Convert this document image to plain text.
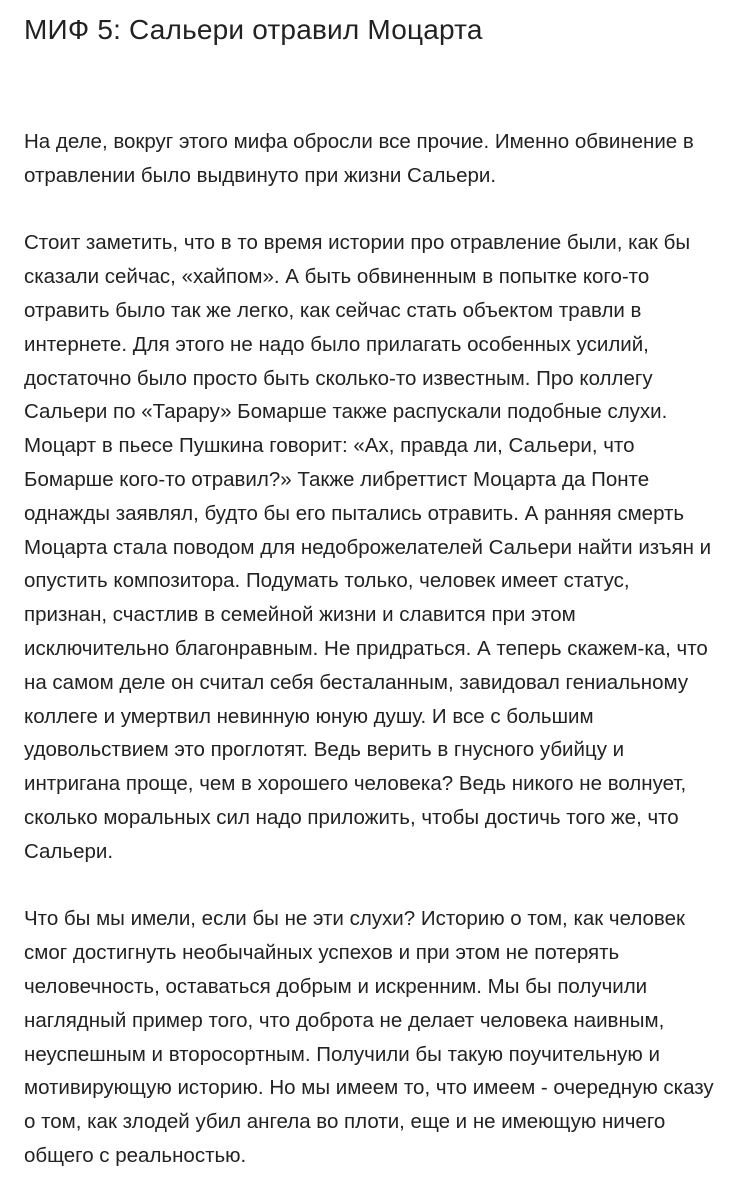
МИФ 5: Сальери отравил Моцарта

На деле, вокруг этого мифа обросли все прочие. Именно обвинение в отравлении было выдвинуто при жизни Сальери.

Стоит заметить, что в то время истории про отравление были, как бы сказали сейчас, «хайпом». А быть обвиненным в попытке кого-то отравить было так же легко, как сейчас стать объектом травли в интернете. Для этого не надо было прилагать особенных усилий, достаточно было просто быть сколько-то известным. Про коллегу Сальери по «Тарару» Бомарше также распускали подобные слухи. Моцарт в пьесе Пушкина говорит: «Ах, правда ли, Сальери, что Бомарше кого-то отравил?» Также либреттист Моцарта да Понте однажды заявлял, будто бы его пытались отравить. А ранняя смерть Моцарта стала поводом для недоброжелателей Сальери найти изъян и опустить композитора. Подумать только, человек имеет статус, признан, счастлив в семейной жизни и славится при этом исключительно благонравным. Не придраться. А теперь скажем-ка, что на самом деле он считал себя бесталанным, завидовал гениальному коллеге и умертвил невинную юную душу. И все с большим удовольствием это проглотят. Ведь верить в гнусного убийцу и интригана проще, чем в хорошего человека? Ведь никого не волнует, сколько моральных сил надо приложить, чтобы достичь того же, что Сальери.

Что бы мы имели, если бы не эти слухи? Историю о том, как человек смог достигнуть необычайных успехов и при этом не потерять человечность, оставаться добрым и искренним. Мы бы получили наглядный пример того, что доброта не делает человека наивным, неуспешным и второсортным. Получили бы такую поучительную и мотивирующую историю. Но мы имеем то, что имеем - очередную сказу о том, как злодей убил ангела во плоти, еще и не имеющую ничего общего с реальностью.
